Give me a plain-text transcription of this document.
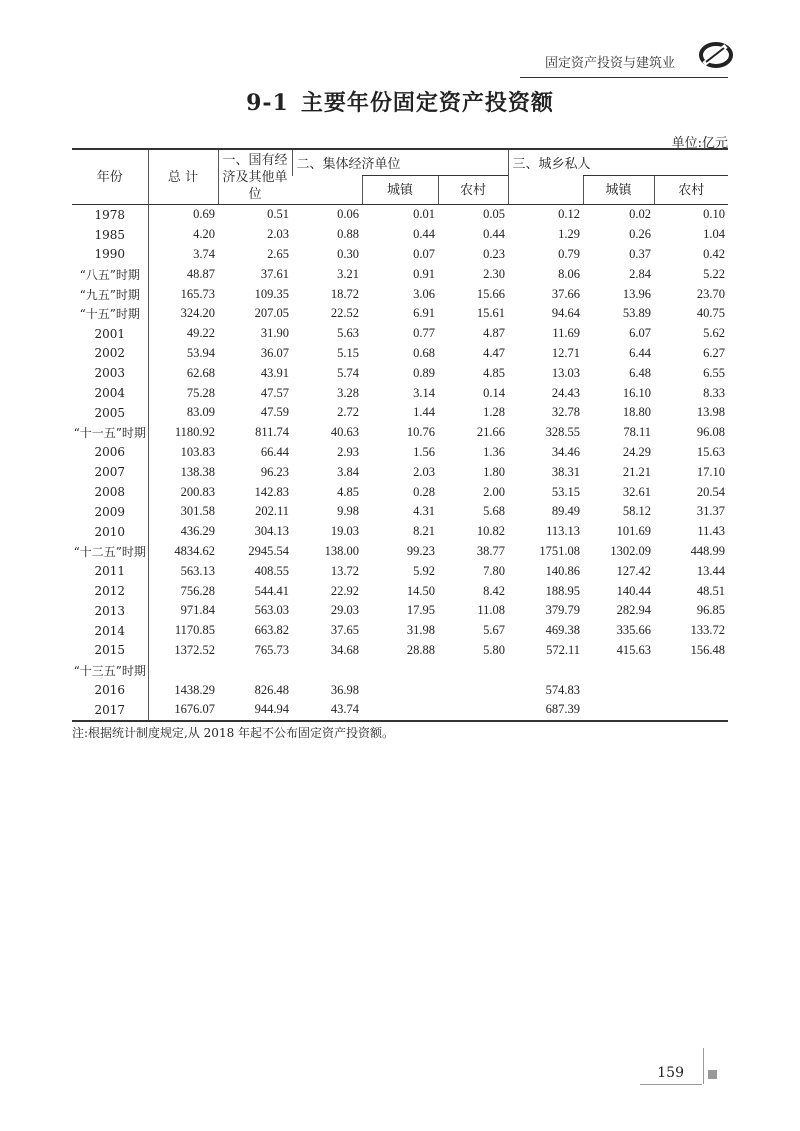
固定资产投资与建筑业
9-1 主要年份固定资产投资额
单位:亿元
年份	总 计	一、国有经济及其他单位	二、集体经济单位			三、城乡私人		
				城镇	农村		城镇	农村
1978	0.69	0.51	0.06	0.01	0.05	0.12	0.02	0.10
1985	4.20	2.03	0.88	0.44	0.44	1.29	0.26	1.04
1990	3.74	2.65	0.30	0.07	0.23	0.79	0.37	0.42
“八五”时期	48.87	37.61	3.21	0.91	2.30	8.06	2.84	5.22
“九五”时期	165.73	109.35	18.72	3.06	15.66	37.66	13.96	23.70
“十五”时期	324.20	207.05	22.52	6.91	15.61	94.64	53.89	40.75
2001	49.22	31.90	5.63	0.77	4.87	11.69	6.07	5.62
2002	53.94	36.07	5.15	0.68	4.47	12.71	6.44	6.27
2003	62.68	43.91	5.74	0.89	4.85	13.03	6.48	6.55
2004	75.28	47.57	3.28	3.14	0.14	24.43	16.10	8.33
2005	83.09	47.59	2.72	1.44	1.28	32.78	18.80	13.98
“十一五”时期	1180.92	811.74	40.63	10.76	21.66	328.55	78.11	96.08
2006	103.83	66.44	2.93	1.56	1.36	34.46	24.29	15.63
2007	138.38	96.23	3.84	2.03	1.80	38.31	21.21	17.10
2008	200.83	142.83	4.85	0.28	2.00	53.15	32.61	20.54
2009	301.58	202.11	9.98	4.31	5.68	89.49	58.12	31.37
2010	436.29	304.13	19.03	8.21	10.82	113.13	101.69	11.43
“十二五”时期	4834.62	2945.54	138.00	99.23	38.77	1751.08	1302.09	448.99
2011	563.13	408.55	13.72	5.92	7.80	140.86	127.42	13.44
2012	756.28	544.41	22.92	14.50	8.42	188.95	140.44	48.51
2013	971.84	563.03	29.03	17.95	11.08	379.79	282.94	96.85
2014	1170.85	663.82	37.65	31.98	5.67	469.38	335.66	133.72
2015	1372.52	765.73	34.68	28.88	5.80	572.11	415.63	156.48
“十三五”时期								
2016	1438.29	826.48	36.98			574.83		
2017	1676.07	944.94	43.74			687.39		
注:根据统计制度规定,从 2018 年起不公布固定资产投资额。
159
